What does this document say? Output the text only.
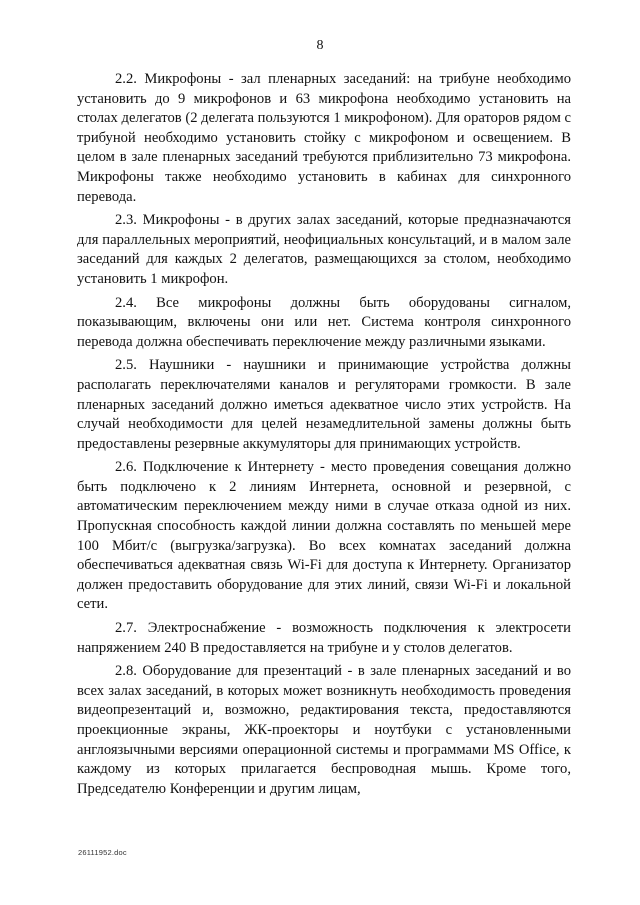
8

2.2. Микрофоны - зал пленарных заседаний: на трибуне необходимо установить до 9 микрофонов и 63 микрофона необходимо установить на столах делегатов (2 делегата пользуются 1 микрофоном). Для ораторов рядом с трибуной необходимо установить стойку с микрофоном и освещением. В целом в зале пленарных заседаний требуются приблизительно 73 микрофона. Микрофоны также необходимо установить в кабинах для синхронного перевода.

2.3. Микрофоны - в других залах заседаний, которые предназначаются для параллельных мероприятий, неофициальных консультаций, и в малом зале заседаний для каждых 2 делегатов, размещающихся за столом, необходимо установить 1 микрофон.

2.4. Все микрофоны должны быть оборудованы сигналом, показывающим, включены они или нет. Система контроля синхронного перевода должна обеспечивать переключение между различными языками.

2.5. Наушники - наушники и принимающие устройства должны располагать переключателями каналов и регуляторами громкости. В зале пленарных заседаний должно иметься адекватное число этих устройств. На случай необходимости для целей незамедлительной замены должны быть предоставлены резервные аккумуляторы для принимающих устройств.

2.6. Подключение к Интернету - место проведения совещания должно быть подключено к 2 линиям Интернета, основной и резервной, с автоматическим переключением между ними в случае отказа одной из них. Пропускная способность каждой линии должна составлять по меньшей мере 100 Мбит/с (выгрузка/загрузка). Во всех комнатах заседаний должна обеспечиваться адекватная связь Wi-Fi для доступа к Интернету. Организатор должен предоставить оборудование для этих линий, связи Wi-Fi и локальной сети.

2.7. Электроснабжение - возможность подключения к электросети напряжением 240 В предоставляется на трибуне и у столов делегатов.

2.8. Оборудование для презентаций - в зале пленарных заседаний и во всех залах заседаний, в которых может возникнуть необходимость проведения видеопрезентаций и, возможно, редактирования текста, предоставляются проекционные экраны, ЖК-проекторы и ноутбуки с установленными англоязычными версиями операционной системы и программами MS Office, к каждому из которых прилагается беспроводная мышь. Кроме того, Председателю Конференции и другим лицам,

26111952.doc
